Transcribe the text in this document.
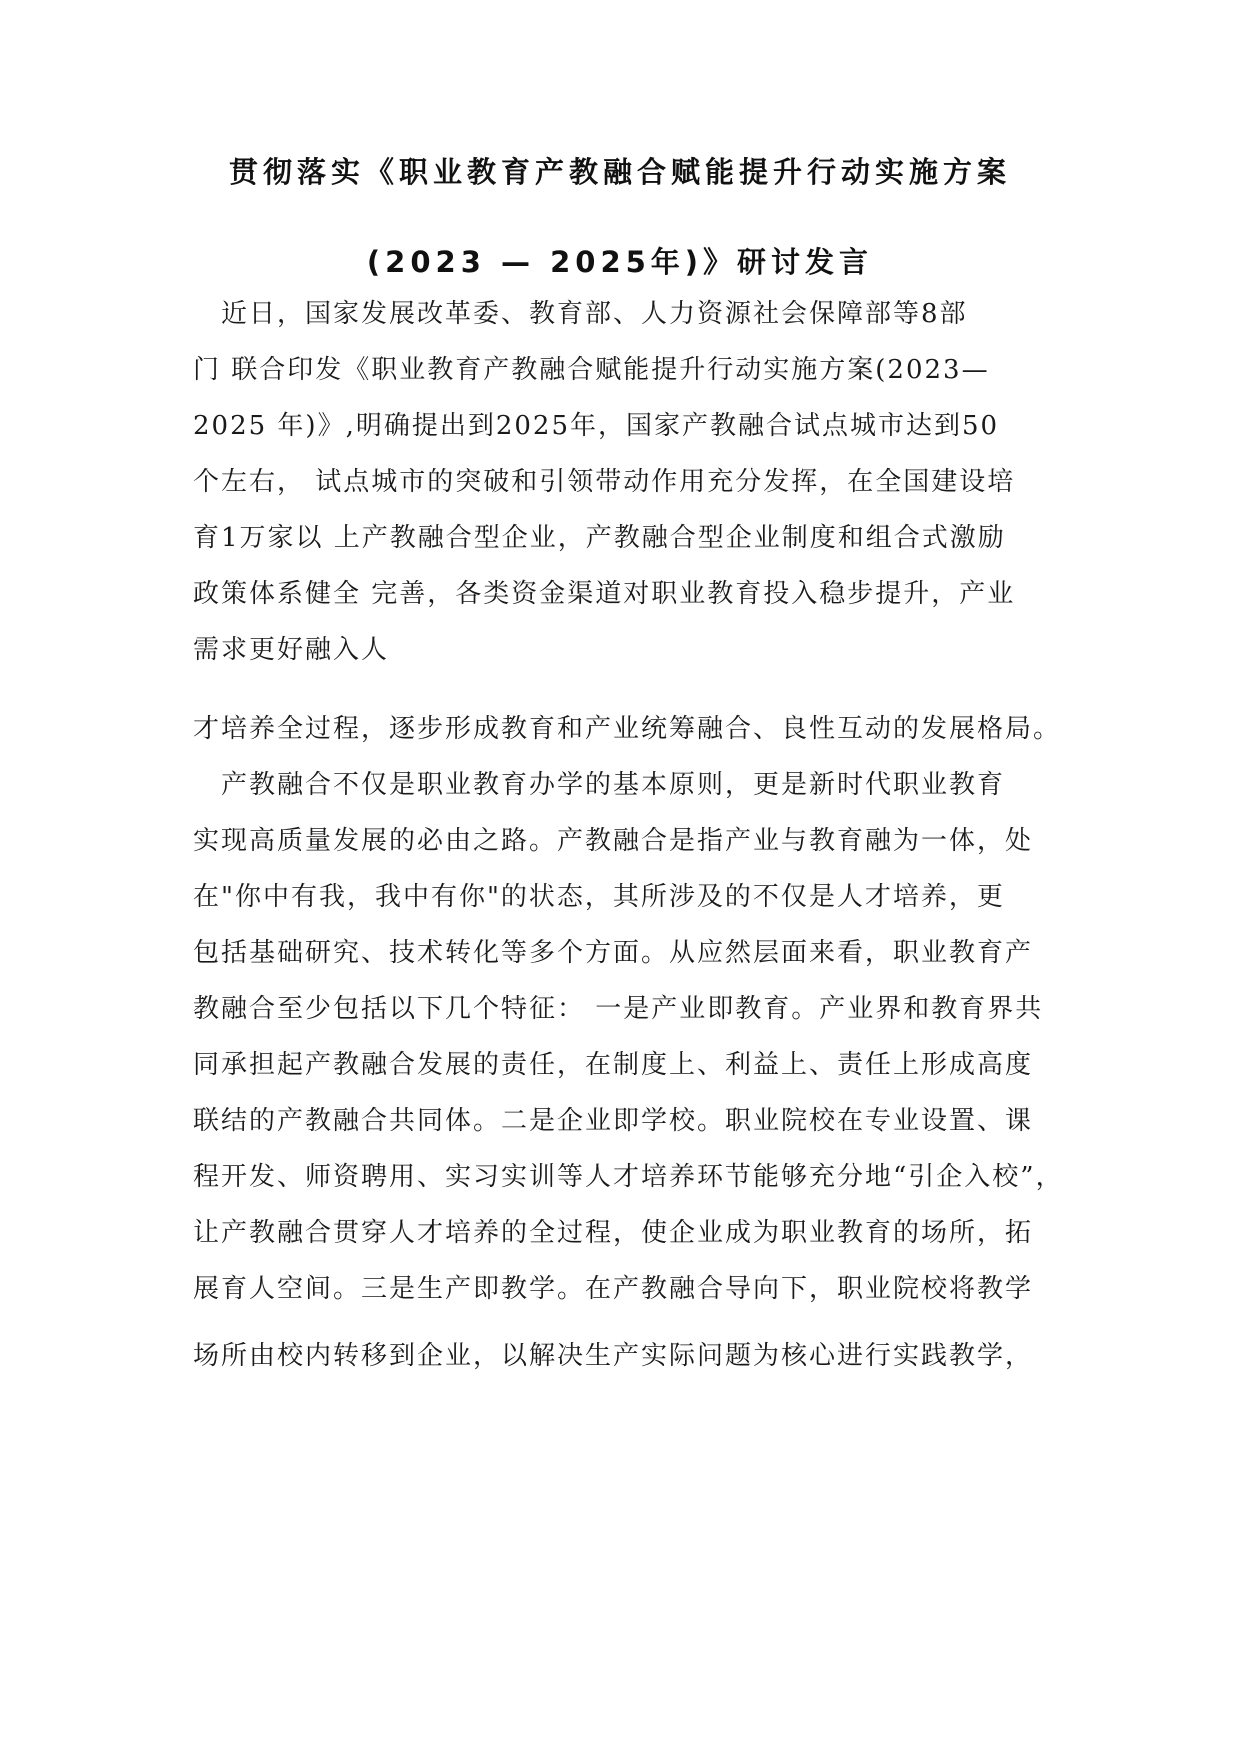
贯彻落实《职业教育产教融合赋能提升行动实施方案
(2023 — 2025年)》研讨发言
　近日，国家发展改革委、教育部、人力资源社会保障部等8部
门 联合印发《职业教育产教融合赋能提升行动实施方案(2023—
2025 年)》,明确提出到2025年，国家产教融合试点城市达到50
个左右， 试点城市的突破和引领带动作用充分发挥，在全国建设培
育1万家以 上产教融合型企业，产教融合型企业制度和组合式激励
政策体系健全 完善，各类资金渠道对职业教育投入稳步提升，产业
需求更好融入人
才培养全过程，逐步形成教育和产业统筹融合、良性互动的发展格局。
　产教融合不仅是职业教育办学的基本原则，更是新时代职业教育
实现高质量发展的必由之路。产教融合是指产业与教育融为一体，处
在"你中有我，我中有你"的状态，其所涉及的不仅是人才培养，更
包括基础研究、技术转化等多个方面。从应然层面来看，职业教育产
教融合至少包括以下几个特征： 一是产业即教育。产业界和教育界共
同承担起产教融合发展的责任，在制度上、利益上、责任上形成高度
联结的产教融合共同体。二是企业即学校。职业院校在专业设置、课
程开发、师资聘用、实习实训等人才培养环节能够充分地“引企入校”，
让产教融合贯穿人才培养的全过程，使企业成为职业教育的场所，拓
展育人空间。三是生产即教学。在产教融合导向下，职业院校将教学
场所由校内转移到企业，以解决生产实际问题为核心进行实践教学，
